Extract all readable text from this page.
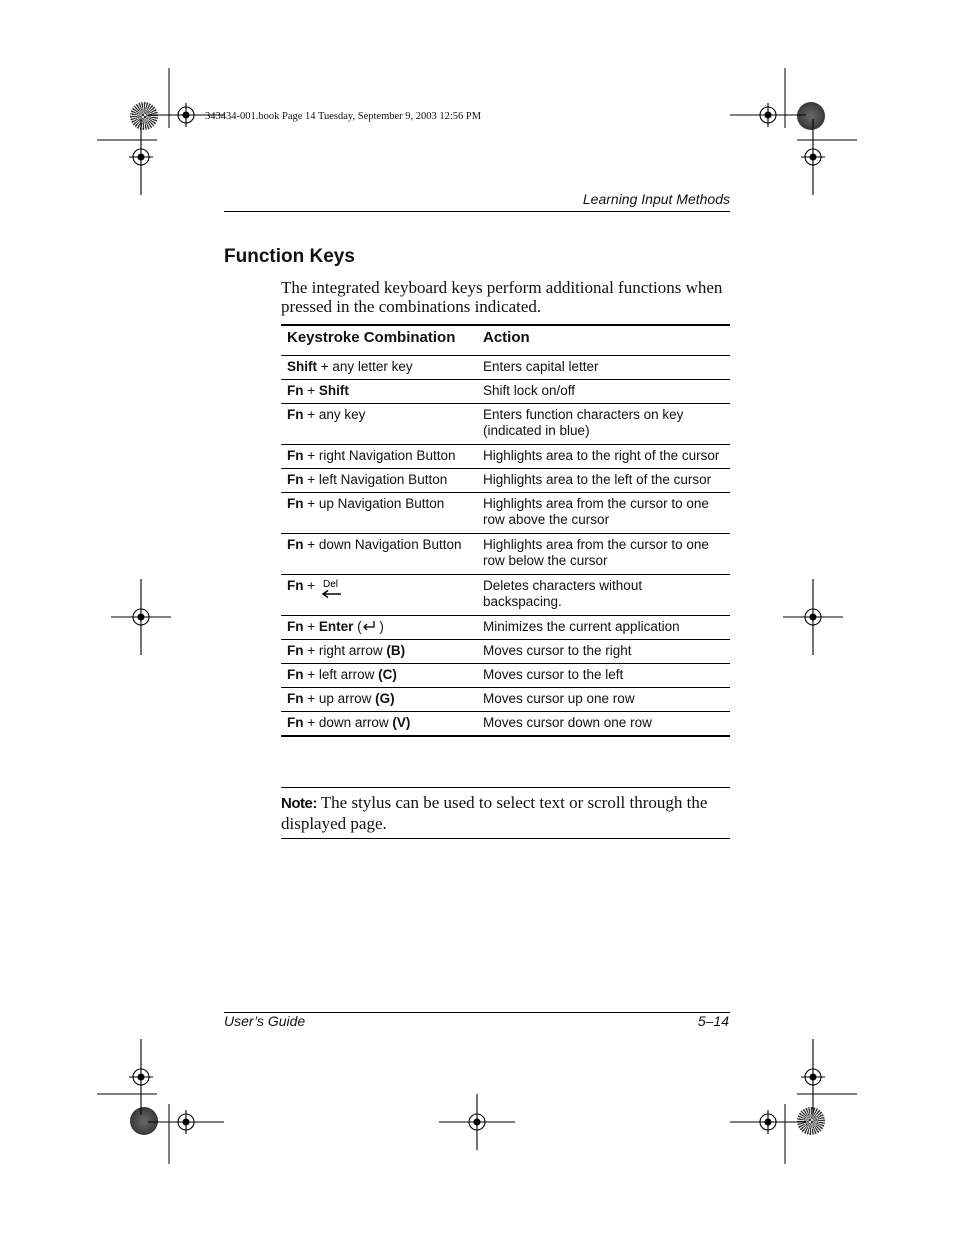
343434-001.book Page 14 Tuesday, September 9, 2003 12:56 PM
Learning Input Methods
Function Keys
The integrated keyboard keys perform additional functions when pressed in the combinations indicated.
Keystroke Combination	Action
Shift + any letter key	Enters capital letter
Fn + Shift	Shift lock on/off
Fn + any key	Enters function characters on key (indicated in blue)
Fn + right Navigation Button	Highlights area to the right of the cursor
Fn + left Navigation Button	Highlights area to the left of the cursor
Fn + up Navigation Button	Highlights area from the cursor to one row above the cursor
Fn + down Navigation Button	Highlights area from the cursor to one row below the cursor
Fn + Del	Deletes characters without backspacing.
Fn + Enter ( )	Minimizes the current application
Fn + right arrow (B)	Moves cursor to the right
Fn + left arrow (C)	Moves cursor to the left
Fn + up arrow (G)	Moves cursor up one row
Fn + down arrow (V)	Moves cursor down one row
Note: The stylus can be used to select text or scroll through the displayed page.
User’s Guide	5–14
